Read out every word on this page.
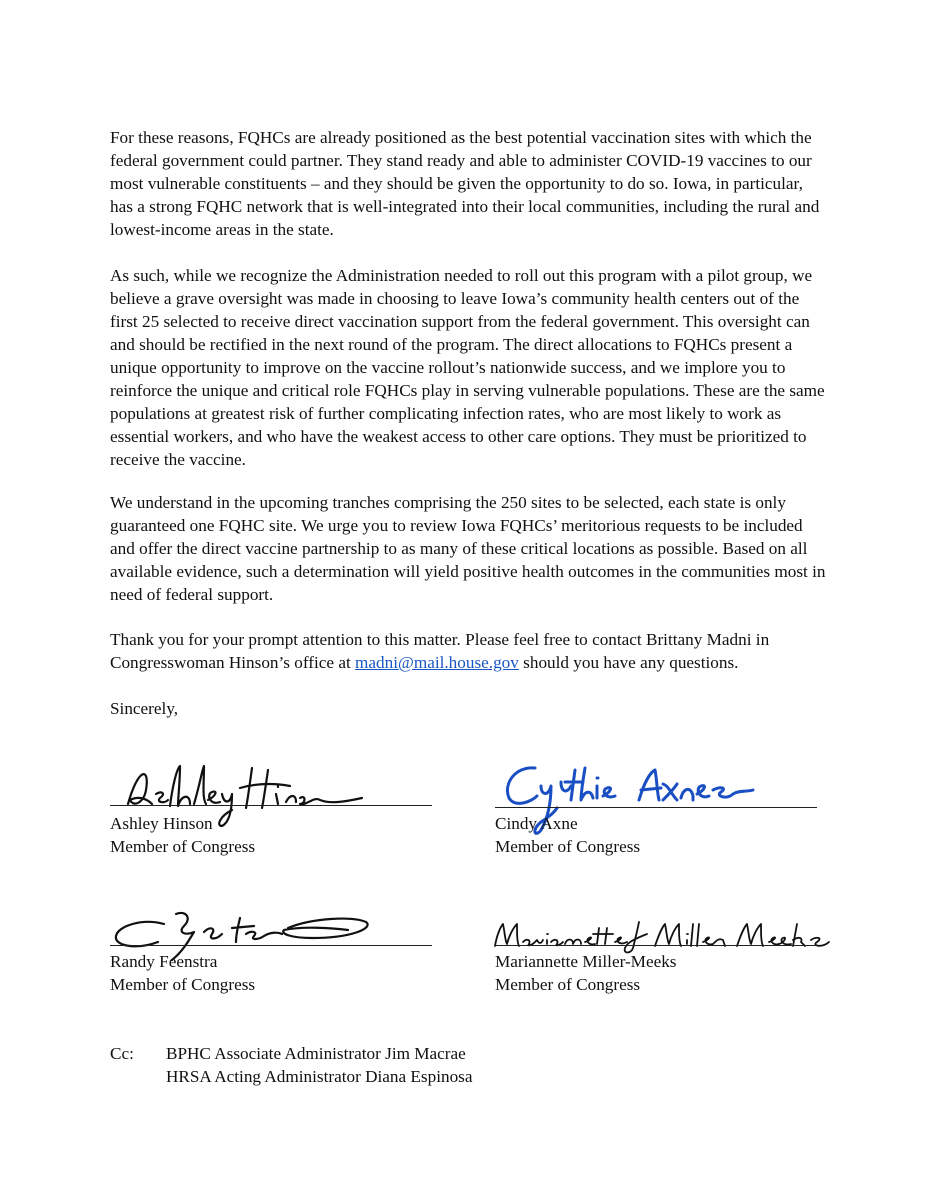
For these reasons, FQHCs are already positioned as the best potential vaccination sites with which the federal government could partner. They stand ready and able to administer COVID-19 vaccines to our most vulnerable constituents – and they should be given the opportunity to do so. Iowa, in particular, has a strong FQHC network that is well-integrated into their local communities, including the rural and lowest-income areas in the state.

As such, while we recognize the Administration needed to roll out this program with a pilot group, we believe a grave oversight was made in choosing to leave Iowa’s community health centers out of the first 25 selected to receive direct vaccination support from the federal government. This oversight can and should be rectified in the next round of the program. The direct allocations to FQHCs present a unique opportunity to improve on the vaccine rollout’s nationwide success, and we implore you to reinforce the unique and critical role FQHCs play in serving vulnerable populations. These are the same populations at greatest risk of further complicating infection rates, who are most likely to work as essential workers, and who have the weakest access to other care options. They must be prioritized to receive the vaccine.

We understand in the upcoming tranches comprising the 250 sites to be selected, each state is only guaranteed one FQHC site. We urge you to review Iowa FQHCs’ meritorious requests to be included and offer the direct vaccine partnership to as many of these critical locations as possible. Based on all available evidence, such a determination will yield positive health outcomes in the communities most in need of federal support.

Thank you for your prompt attention to this matter. Please feel free to contact Brittany Madni in Congresswoman Hinson’s office at madni@mail.house.gov should you have any questions.

Sincerely,

Ashley Hinson
Member of Congress
Cindy Axne
Member of Congress
Randy Feenstra
Member of Congress
Mariannette Miller-Meeks
Member of Congress
Cc: BPHC Associate Administrator Jim Macrae
HRSA Acting Administrator Diana Espinosa
